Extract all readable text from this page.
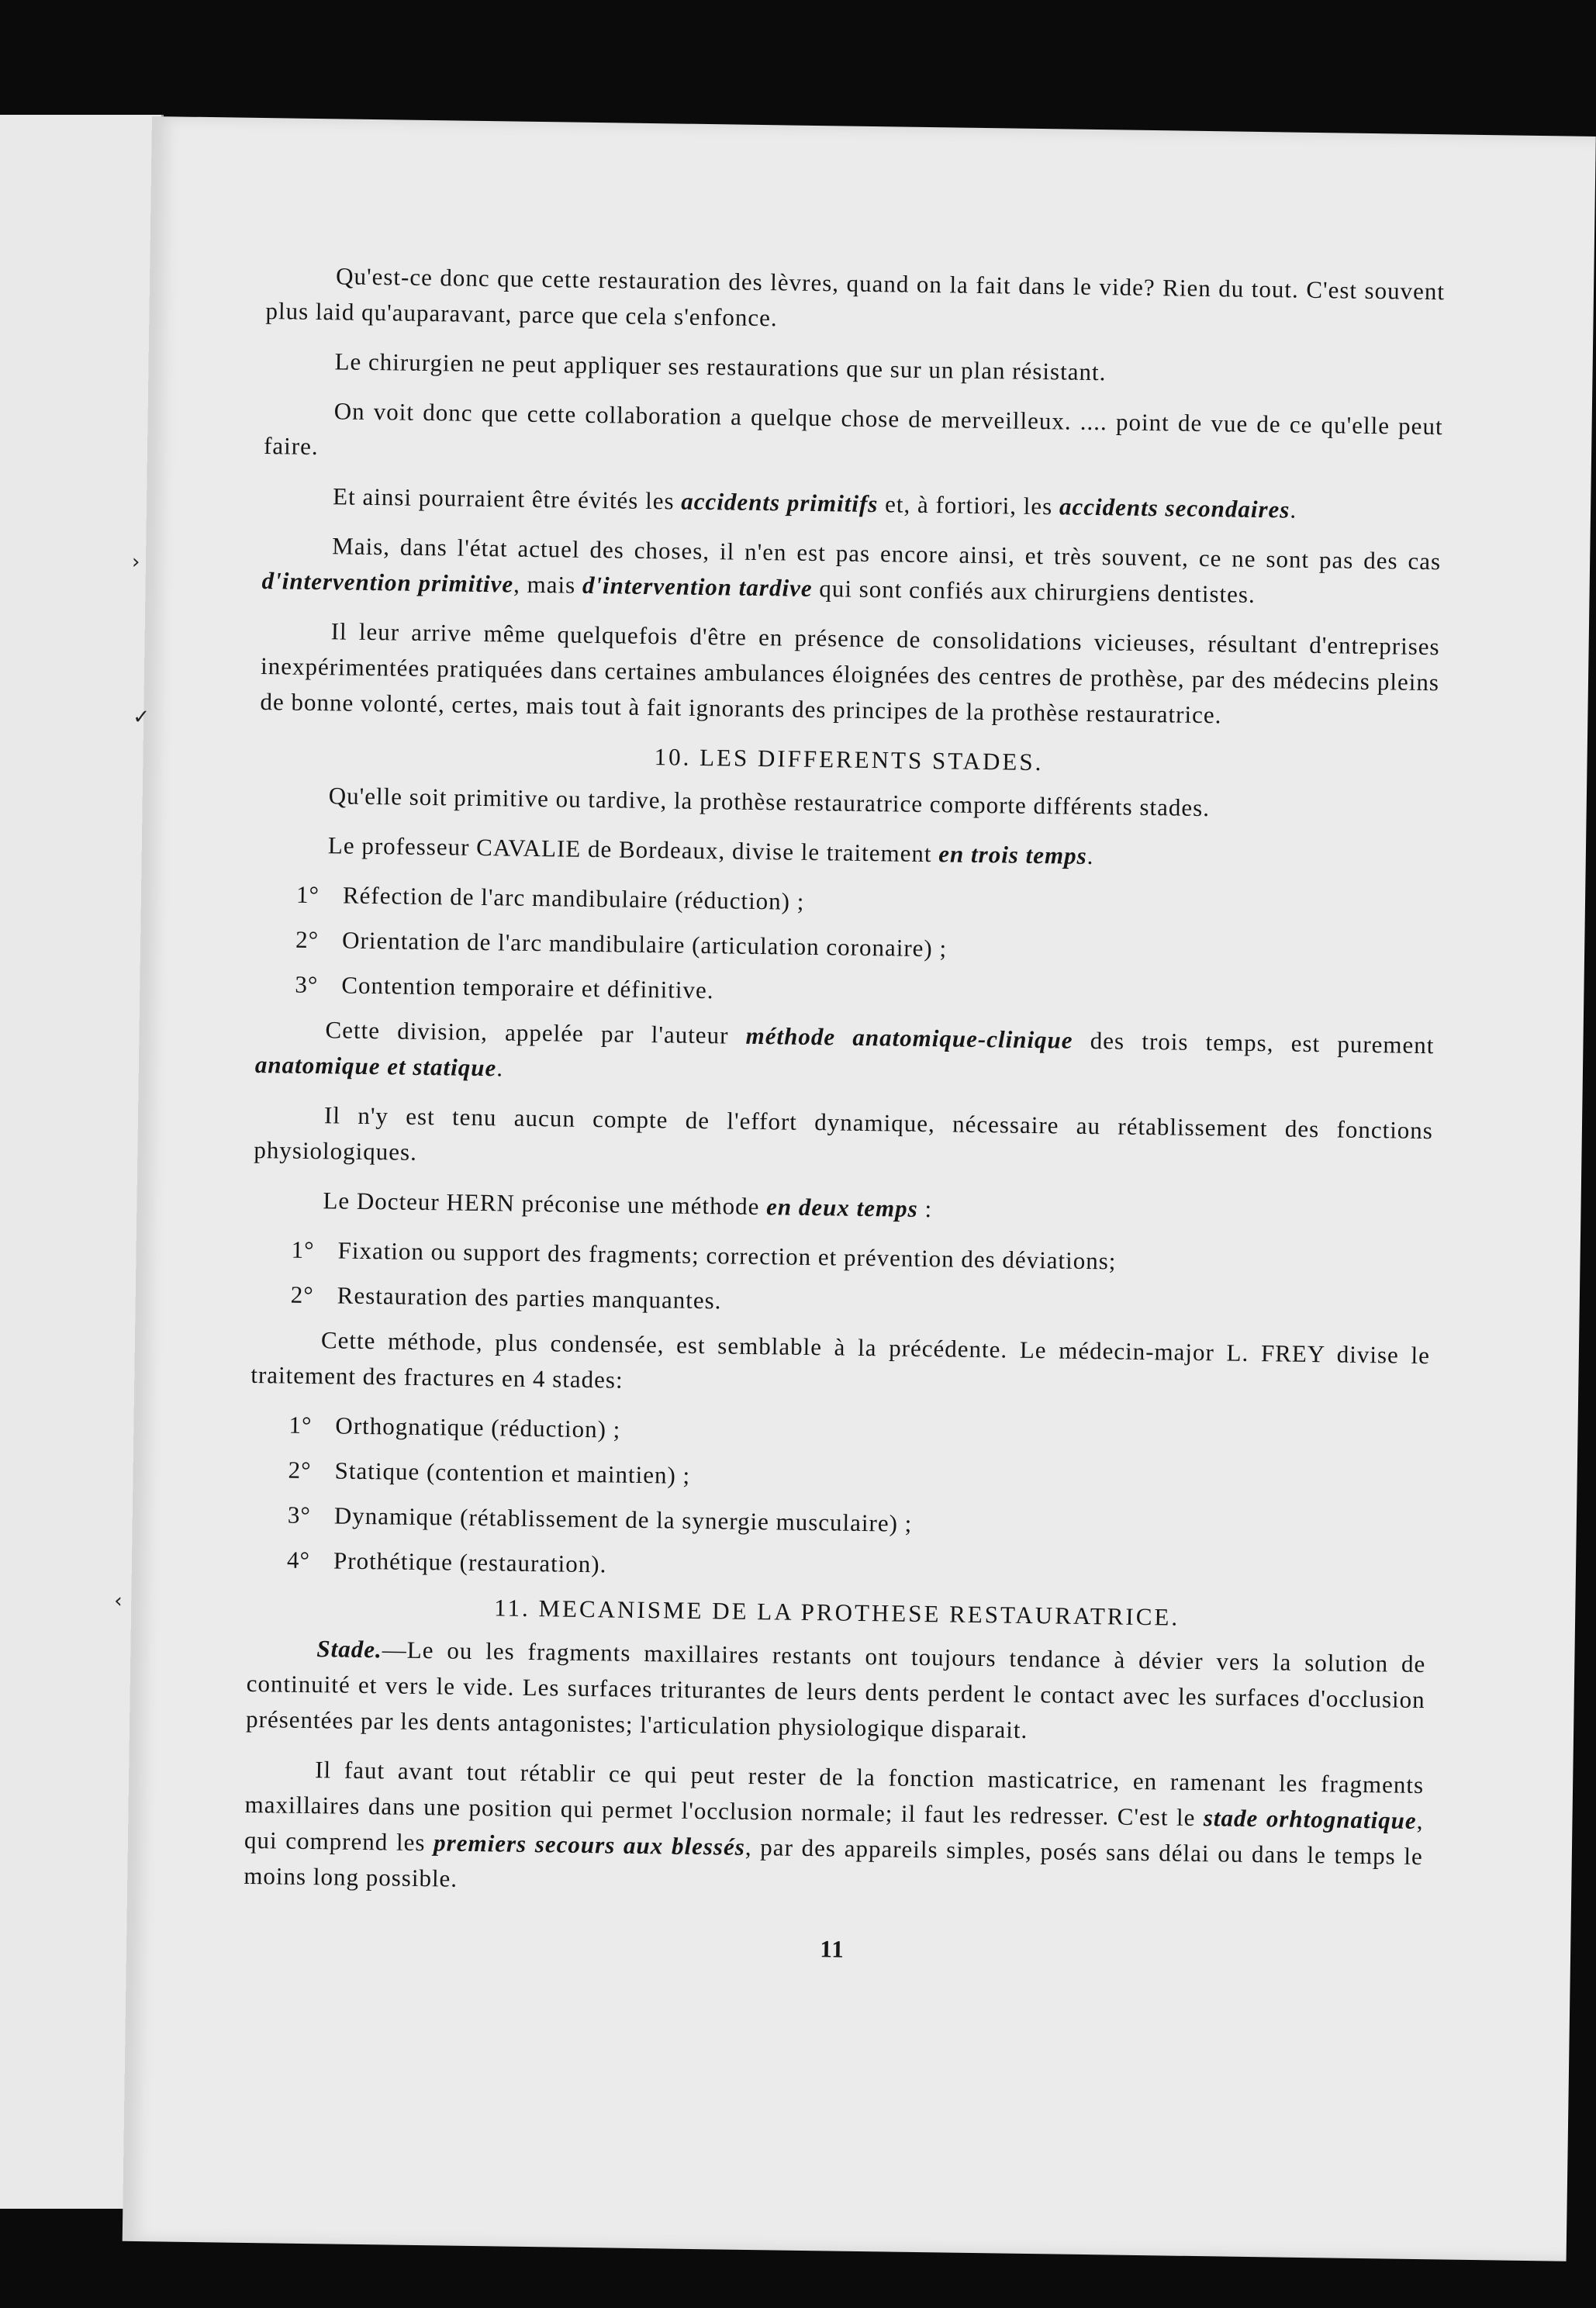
›
✓
‹

Qu'est-ce donc que cette restauration des lèvres, quand on la fait dans le vide? Rien du tout. C'est souvent plus laid qu'auparavant, parce que cela s'enfonce.

Le chirurgien ne peut appliquer ses restaurations que sur un plan résistant.

On voit donc que cette collaboration a quelque chose de merveilleux. .... point de vue de ce qu'elle peut faire.

Et ainsi pourraient être évités les accidents primitifs et, à fortiori, les accidents secondaires.

Mais, dans l'état actuel des choses, il n'en est pas encore ainsi, et très souvent, ce ne sont pas des cas d'intervention primitive, mais d'intervention tardive qui sont confiés aux chirurgiens dentistes.

Il leur arrive même quelquefois d'être en présence de consolidations vicieuses, résultant d'entreprises inexpérimentées pratiquées dans certaines ambulances éloignées des centres de prothèse, par des médecins pleins de bonne volonté, certes, mais tout à fait ignorants des principes de la prothèse restauratrice.

10. LES DIFFERENTS STADES.

Qu'elle soit primitive ou tardive, la prothèse restauratrice comporte différents stades.

Le professeur CAVALIE de Bordeaux, divise le traitement en trois temps.

1° Réfection de l'arc mandibulaire (réduction) ;

2° Orientation de l'arc mandibulaire (articulation coronaire) ;

3° Contention temporaire et définitive.

Cette division, appelée par l'auteur méthode anatomique-clinique des trois temps, est purement anatomique et statique.

Il n'y est tenu aucun compte de l'effort dynamique, nécessaire au rétablissement des fonctions physiologiques.

Le Docteur HERN préconise une méthode en deux temps :

1° Fixation ou support des fragments; correction et prévention des déviations;

2° Restauration des parties manquantes.

Cette méthode, plus condensée, est semblable à la précédente. Le médecin-major L. FREY divise le traitement des fractures en 4 stades:

1° Orthognatique (réduction) ;

2° Statique (contention et maintien) ;

3° Dynamique (rétablissement de la synergie musculaire) ;

4° Prothétique (restauration).

11. MECANISME DE LA PROTHESE RESTAURATRICE.

Stade.—Le ou les fragments maxillaires restants ont toujours tendance à dévier vers la solution de continuité et vers le vide. Les surfaces triturantes de leurs dents perdent le contact avec les surfaces d'occlusion présentées par les dents antagonistes; l'articulation physiologique disparait.

Il faut avant tout rétablir ce qui peut rester de la fonction masticatrice, en ramenant les fragments maxillaires dans une position qui permet l'occlusion normale; il faut les redresser. C'est le stade orhtognatique, qui comprend les premiers secours aux blessés, par des appareils simples, posés sans délai ou dans le temps le moins long possible.

11
